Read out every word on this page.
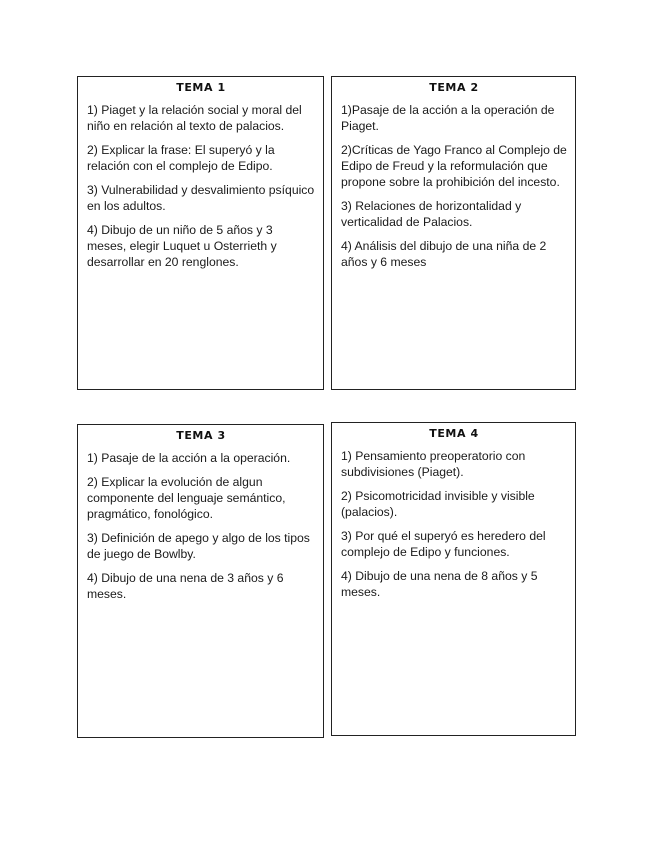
TEMA 1
1) Piaget y la relación social y moral del niño en relación al texto de palacios.
2) Explicar la frase: El superyó y la relación con el complejo de Edipo.
3) Vulnerabilidad y desvalimiento psíquico en los adultos.
4) Dibujo de un niño de 5 años y 3 meses, elegir Luquet u Osterrieth y desarrollar en 20 renglones.
TEMA 2
1)Pasaje de la acción a la operación de Piaget.
2)Críticas de Yago Franco al Complejo de Edipo de Freud y la reformulación que propone sobre la prohibición del incesto.
3) Relaciones de horizontalidad y verticalidad de Palacios.
4) Análisis del dibujo de una niña de 2 años y 6 meses
TEMA 3
1) Pasaje de la acción a la operación.
2) Explicar la evolución de algun componente del lenguaje semántico, pragmático, fonológico.
3) Definición de apego y algo de los tipos de juego de Bowlby.
4) Dibujo de una nena de 3 años y 6 meses.
TEMA 4
1) Pensamiento preoperatorio con subdivisiones (Piaget).
2) Psicomotricidad invisible y visible (palacios).
3) Por qué el superyó es heredero del complejo de Edipo y funciones.
4) Dibujo de una nena de 8 años y 5 meses.
